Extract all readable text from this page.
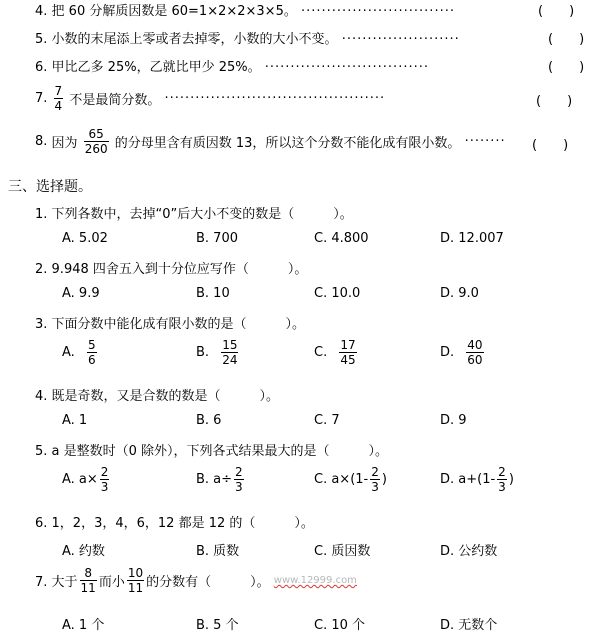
4. 把 60 分解质因数是 60=1×2×2×3×5。 ······························	(　　)
5. 小数的末尾添上零或者去掉零，小数的大小不变。 ·······················	(　　)
6. 甲比乙多 25%，乙就比甲少 25%。 ································	(　　)
7. $\frac{7}{4}$ 不是最简分数。 ···········································	(　　)
8. 因为 $\frac{65}{260}$ 的分母里含有质因数 13，所以这个分数不能化成有限小数。 ········ (　　)
三、选择题。
1. 下列各数中，去掉“0”后大小不变的数是（　　　）。
A. 5.02	B. 700	C. 4.800	D. 12.007
2. 9.948 四舍五入到十分位应写作（　　　）。
A. 9.9	B. 10	C. 10.0	D. 9.0
3. 下面分数中能化成有限小数的是（　　　）。
A. $\frac{5}{6}$	B. $\frac{15}{24}$	C. $\frac{17}{45}$	D. $\frac{40}{60}$
4. 既是奇数，又是合数的数是（　　　）。
A. 1	B. 6	C. 7	D. 9
5. a 是整数时（0 除外），下列各式结果最大的是（　　　）。
A. $a\times \frac{2}{3}$	B. $a\div \frac{2}{3}$	C. $a\times(1- \frac{2}{3}$ )	D. $a+(1- \frac{2}{3}$ )
6. 1，2，3，4，6，12 都是 12 的（　　　）。
A. 约数	B. 质数	C. 质因数	D. 公约数
7. 大于 $\frac{8}{11}$ 而小 $\frac{10}{11}$ 的分数有（　　　）。 www.12999.com
A. 1 个	B. 5 个	C. 10 个	D. 无数个
